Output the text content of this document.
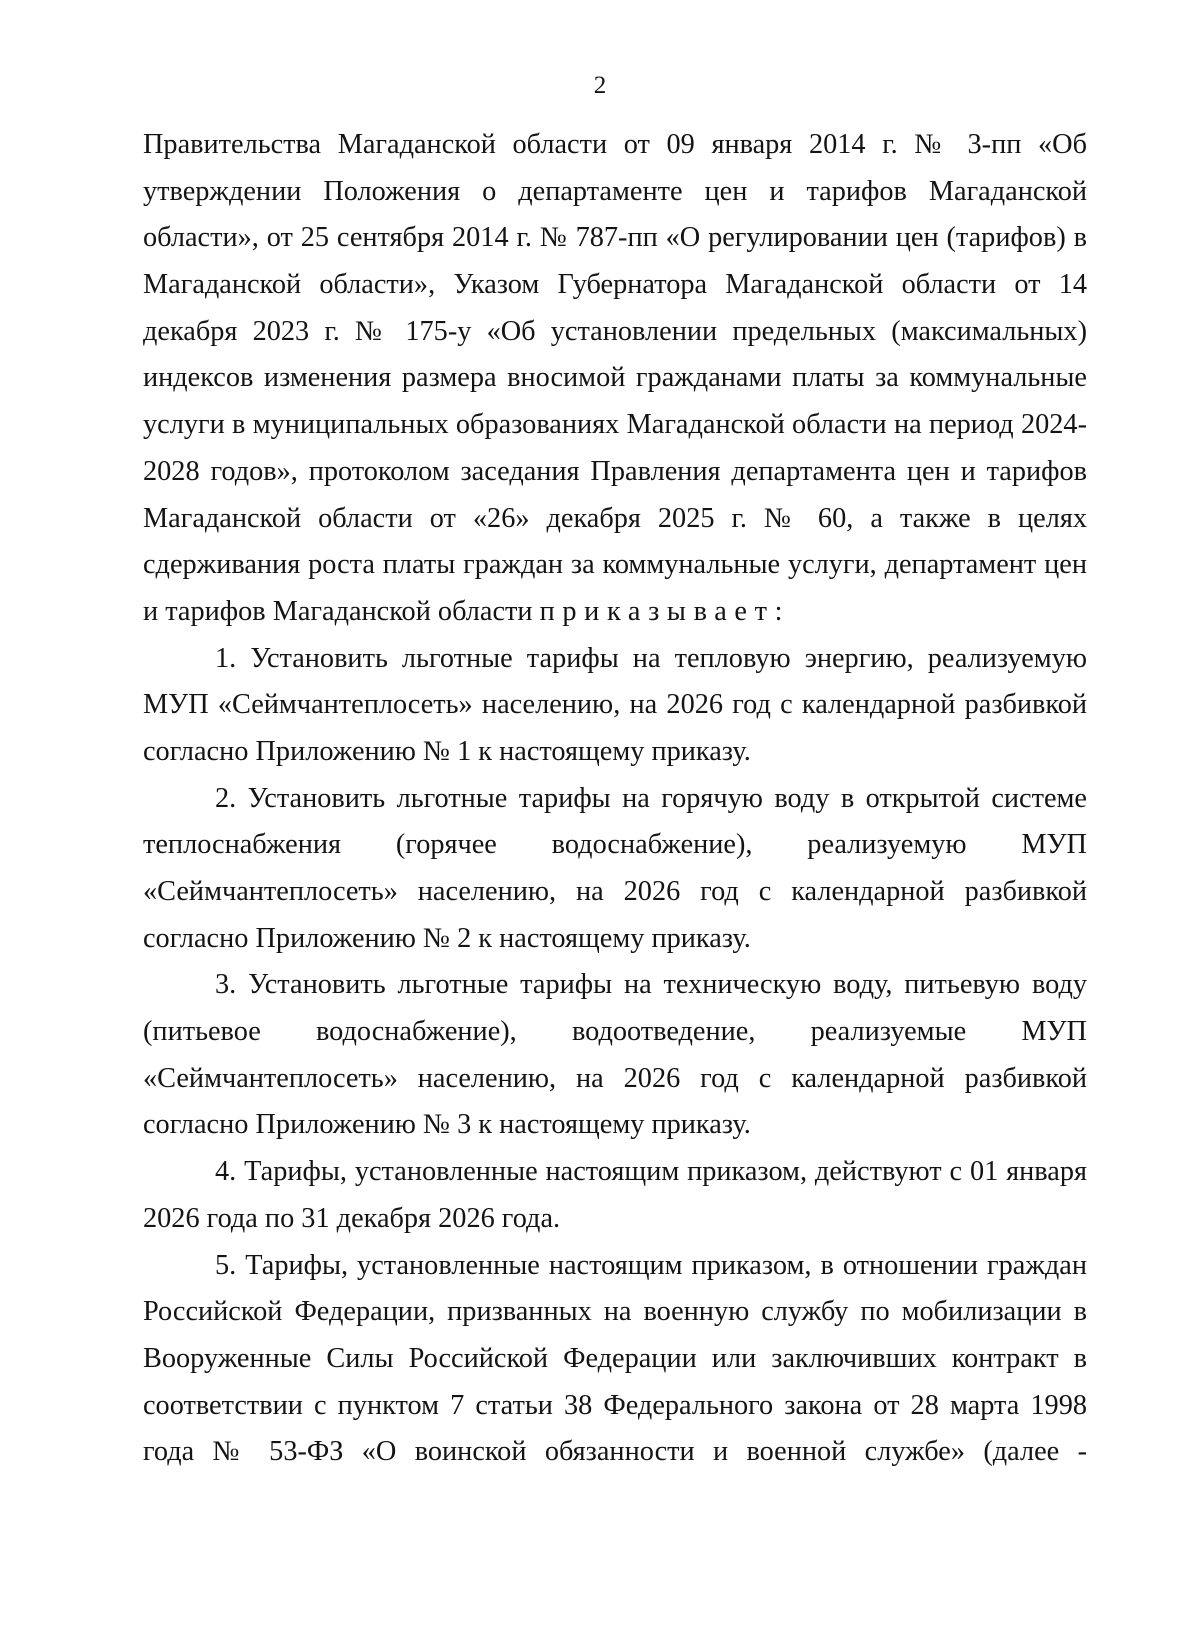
2
Правительства Магаданской области от 09 января 2014 г. № 3-пп «Об
утверждении Положения о департаменте цен и тарифов Магаданской
области», от 25 сентября 2014 г. № 787-пп «О регулировании цен (тарифов) в
Магаданской области», Указом Губернатора Магаданской области от 14
декабря 2023 г. № 175-у «Об установлении предельных (максимальных)
индексов изменения размера вносимой гражданами платы за коммунальные
услуги в муниципальных образованиях Магаданской области на период 2024-
2028 годов», протоколом заседания Правления департамента цен и тарифов
Магаданской области от «26» декабря 2025 г. № 60, а также в целях
сдерживания роста платы граждан за коммунальные услуги, департамент цен
и тарифов Магаданской области приказывает:
1. Установить льготные тарифы на тепловую энергию, реализуемую
МУП «Сеймчантеплосеть» населению, на 2026 год с календарной разбивкой
согласно Приложению № 1 к настоящему приказу.
2. Установить льготные тарифы на горячую воду в открытой системе
теплоснабжения (горячее водоснабжение), реализуемую МУП
«Сеймчантеплосеть» населению, на 2026 год с календарной разбивкой
согласно Приложению № 2 к настоящему приказу.
3. Установить льготные тарифы на техническую воду, питьевую воду
(питьевое водоснабжение), водоотведение, реализуемые МУП
«Сеймчантеплосеть» населению, на 2026 год с календарной разбивкой
согласно Приложению № 3 к настоящему приказу.
4. Тарифы, установленные настоящим приказом, действуют с 01 января
2026 года по 31 декабря 2026 года.
5. Тарифы, установленные настоящим приказом, в отношении граждан
Российской Федерации, призванных на военную службу по мобилизации в
Вооруженные Силы Российской Федерации или заключивших контракт в
соответствии с пунктом 7 статьи 38 Федерального закона от 28 марта 1998
года № 53-ФЗ «О воинской обязанности и военной службе» (далее -
